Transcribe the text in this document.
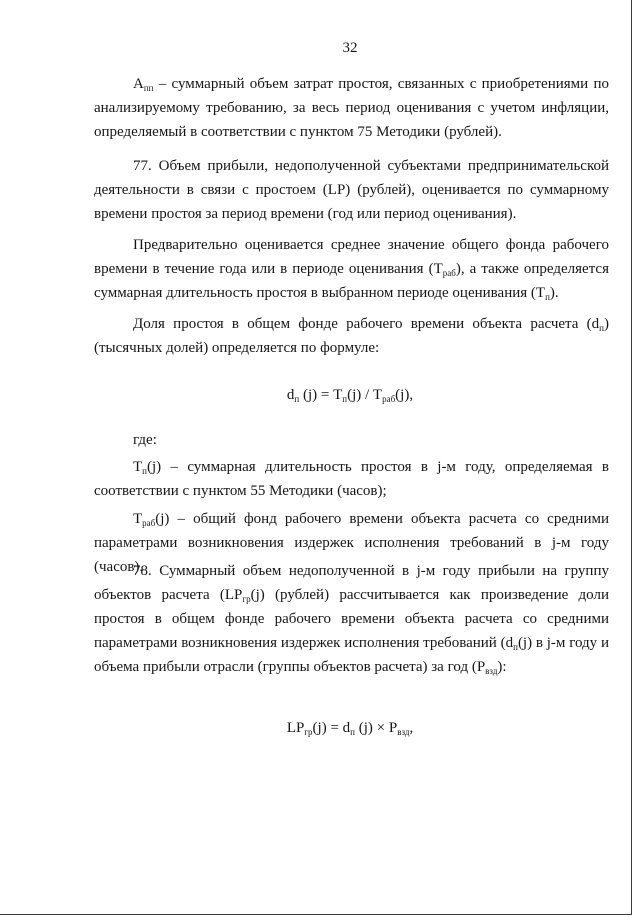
32

$A_{пп}$ – суммарный объем затрат простоя, связанных с приобретениями по анализируемому требованию, за весь период оценивания с учетом инфляции, определяемый в соответствии с пунктом 75 Методики (рублей).

77. Объем прибыли, недополученной субъектами предпринимательской деятельности в связи с простоем (LP) (рублей), оценивается по суммарному времени простоя за период времени (год или период оценивания).

Предварительно оценивается среднее значение общего фонда рабочего времени в течение года или в периоде оценивания $(T_{раб})$, а также определяется суммарная длительность простоя в выбранном периоде оценивания $(T_п)$.

Доля простоя в общем фонде рабочего времени объекта расчета $(d_п)$ (тысячных долей) определяется по формуле:

$d_п$ $(j) = T_п(j) / T_{раб}(j)$,
где:

$T_п(j)$ – суммарная длительность простоя в j-м году, определяемая в соответствии с пунктом 55 Методики (часов);

$T_{раб}(j)$ – общий фонд рабочего времени объекта расчета со средними параметрами возникновения издержек исполнения требований в j-м году (часов).

78. Суммарный объем недополученной в j-м году прибыли на группу объектов расчета ($LP_{гр}(j)$ (рублей) рассчитывается как произведение доли простоя в общем фонде рабочего времени объекта расчета со средними параметрами возникновения издержек исполнения требований ($d_п(j)$ в j-м году и объема прибыли отрасли (группы объектов расчета) за год $(P_{взд})$:

$LP_{гр}(j) = d_п$ $(j) \times P_{взд}$,
